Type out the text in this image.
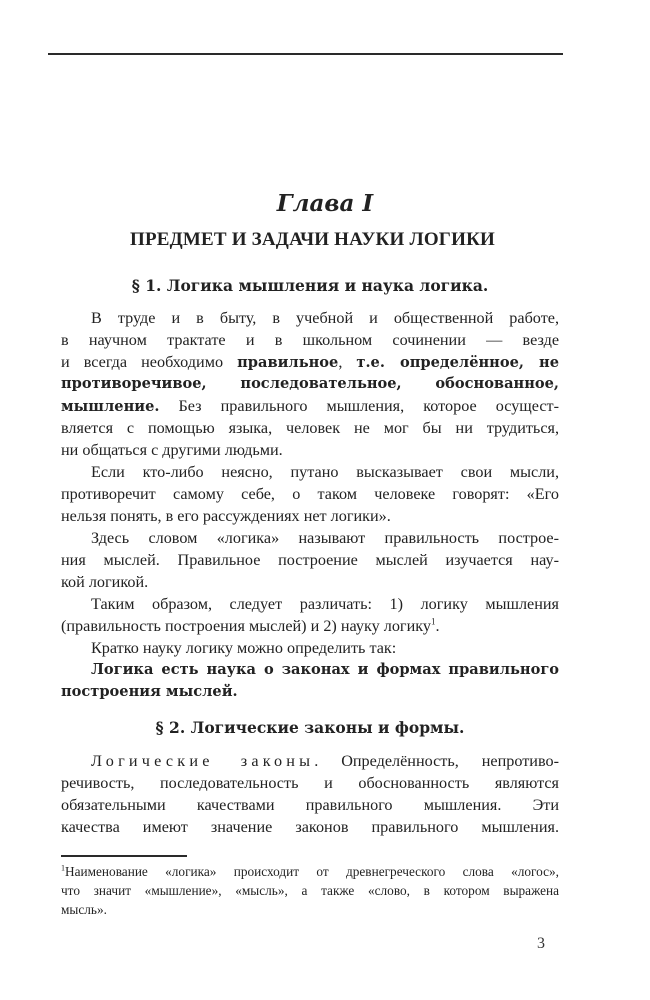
Глава I
ПРЕДМЕТ И ЗАДАЧИ НАУКИ ЛОГИКИ
§ 1. Логика мышления и наука логика.
В труде и в быту, в учебной и общественной работе,
в научном трактате и в школьном сочинении — везде
и всегда необходимо правильное, т.е. определённое, не
противоречивое, последовательное, обоснованное,
мышление. Без правильного мышления, которое осущест-
вляется с помощью языка, человек не мог бы ни трудиться,
ни общаться с другими людьми.
Если кто-либо неясно, путано высказывает свои мысли,
противоречит самому себе, о таком человеке говорят: «Его
нельзя понять, в его рассуждениях нет логики».
Здесь словом «логика» называют правильность построе-
ния мыслей. Правильное построение мыслей изучается нау-
кой логикой.
Таким образом, следует различать: 1) логику мышления
(правильность построения мыслей) и 2) науку логику$^1$.
Кратко науку логику можно определить так:
Логика есть наука о законах и формах правильного
построения мыслей.
§ 2. Логические законы и формы.
Логические законы. Определённость, непротиво-
речивость, последовательность и обоснованность являются
обязательными качествами правильного мышления. Эти
качества имеют значение законов правильного мышления.
$^1$Наименование «логика» происходит от древнегреческого слова «логос»,
что значит «мышление», «мысль», а также «слово, в котором выражена
мысль».
3
